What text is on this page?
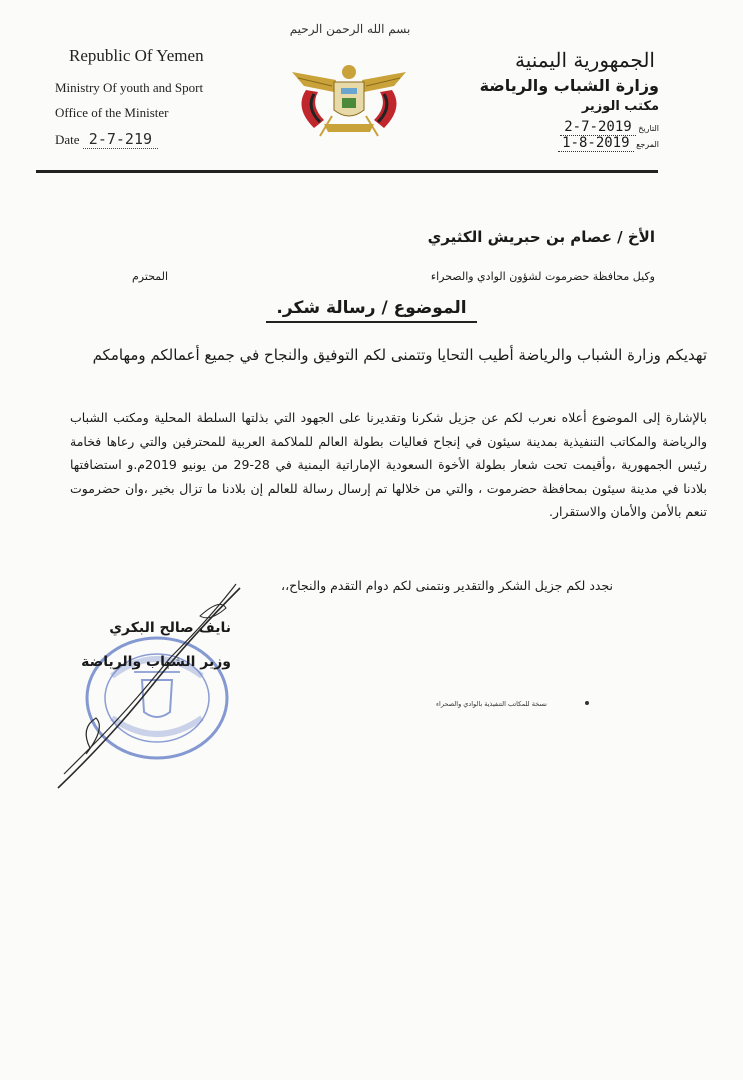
Republic Of Yemen
Ministry Of youth and Sport
Office of the Minister
Date 2-7-219
بسم الله الرحمن الرحيم
الجمهورية اليمنية
وزارة الشباب والرياضة
مكتب الوزير
التاريخ 2019-7-2
المرجع 2019-8-1
الأخ / عصام بن حبريش الكثيري
وكيل محافظة حضرموت لشؤون الوادي والصحراء
المحترم
الموضوع / رسالة شكر.
تهديكم وزارة الشباب والرياضة أطيب التحايا وتتمنى لكم التوفيق والنجاح في جميع أعمالكم ومهامكم
بالإشارة إلى الموضوع أعلاه نعرب لكم عن جزيل شكرنا وتقديرنا على الجهود التي بذلتها السلطة المحلية ومكتب الشباب والرياضة والمكاتب التنفيذية بمدينة سيئون في إنجاح فعاليات بطولة العالم للملاكمة العربية للمحترفين والتي رعاها فخامة رئيس الجمهورية ،وأقيمت تحت شعار بطولة الأخوة السعودية الإماراتية اليمنية في 28-29 من يونيو 2019م.و استضافتها بلادنا في مدينة سيئون بمحافظة حضرموت ، والتي من خلالها تم إرسال رسالة للعالم إن بلادنا ما تزال بخير ،وان حضرموت تنعم بالأمن والأمان والاستقرار.
نجدد لكم جزيل الشكر والتقدير ونتمنى لكم دوام التقدم والنجاح،،
نايف صالح البكري
وزير الشباب والرياضة
نسخة للمكاتب التنفيذية بالوادي والصحراء
